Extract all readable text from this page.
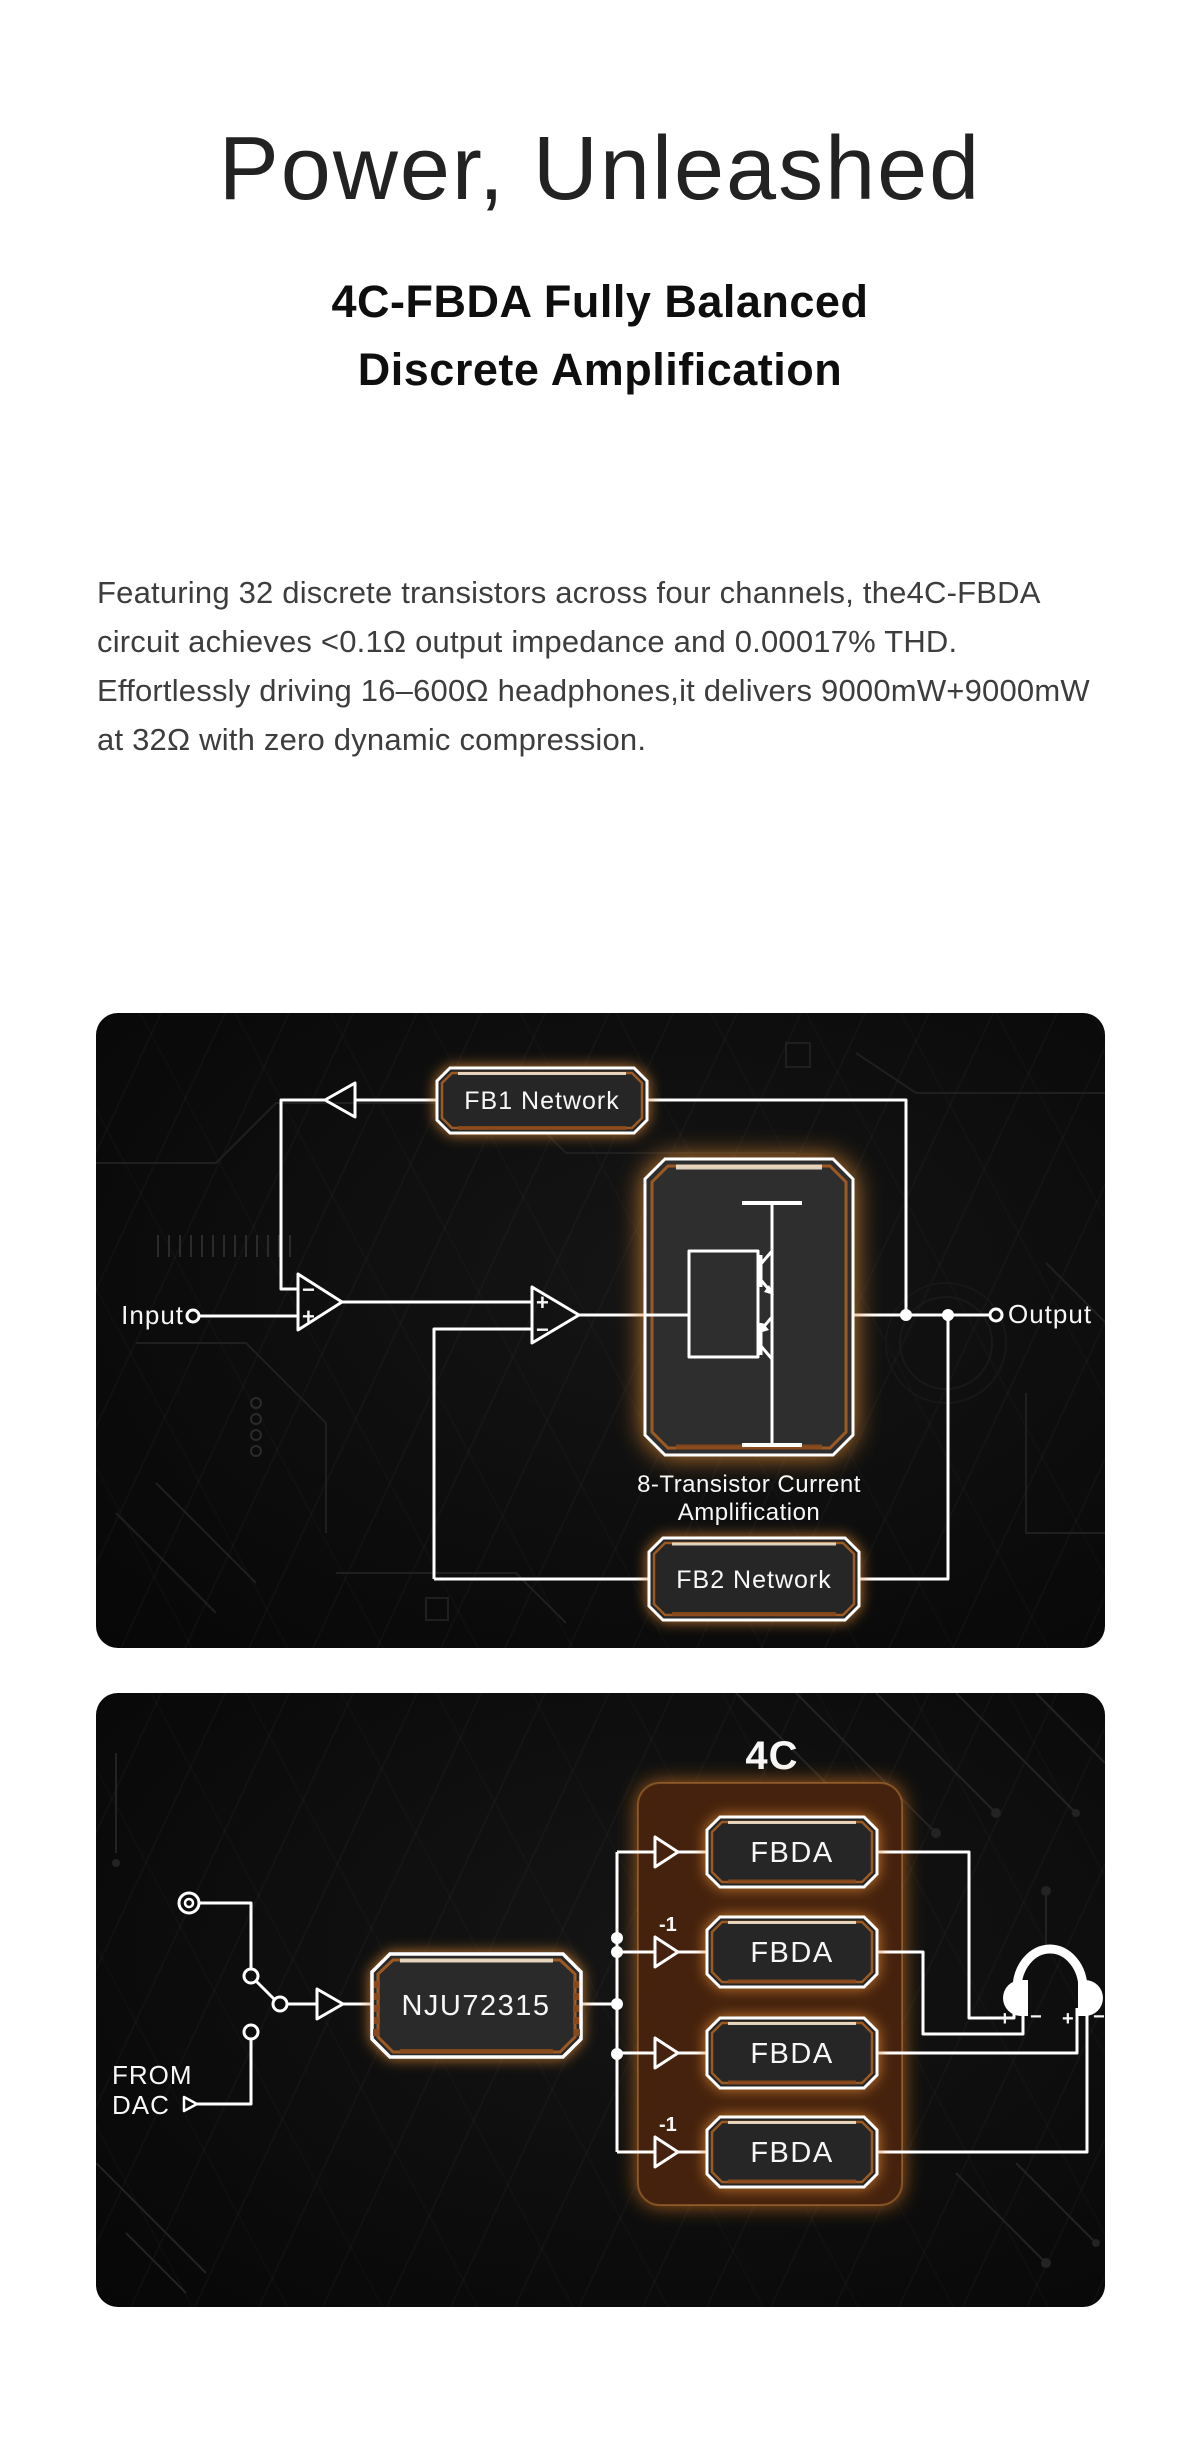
Power, Unleashed
4C-FBDA Fully Balanced
Discrete Amplification
Featuring 32 discrete transistors across four channels, the4C-FBDA circuit achieves <0.1Ω output impedance and 0.00017% THD. Effortlessly driving 16–600Ω headphones,it delivers 9000mW+9000mW at 32Ω with zero dynamic compression.
Input
−
+
+
−
FB1 Network
8-Transistor Current
Amplification
FB2 Network
Output
4C
FROM
DAC
NJU72315
-1
-1
FBDA
FBDA
FBDA
FBDA
+ − + −
